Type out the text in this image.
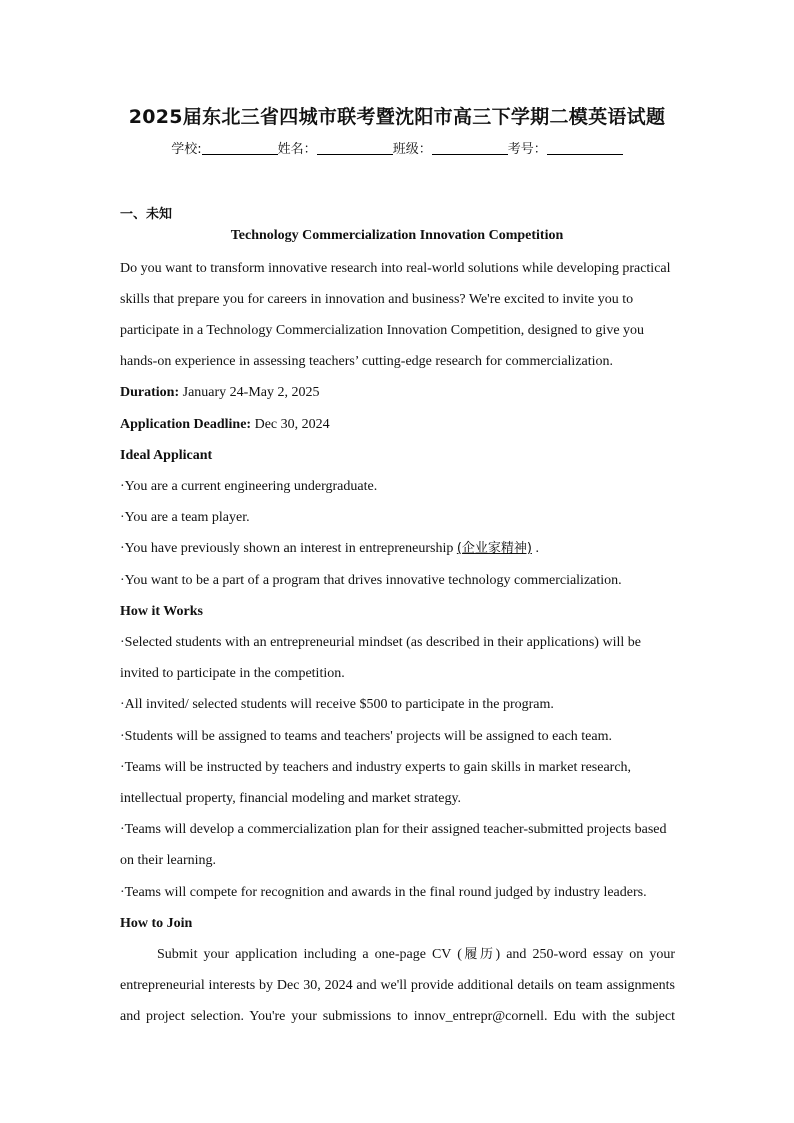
2025届东北三省四城市联考暨沈阳市高三下学期二模英语试题
学校:	姓名：	班级：	考号：
一、未知
Technology Commercialization Innovation Competition
Do you want to transform innovative research into real-world solutions while developing practical
skills that prepare you for careers in innovation and business? We're excited to invite you to
participate in a Technology Commercialization Innovation Competition, designed to give you
hands-on experience in assessing teachers’ cutting-edge research for commercialization.
Duration: January 24-May 2, 2025
Application Deadline: Dec 30, 2024
Ideal Applicant
·You are a current engineering undergraduate.
·You are a team player.
·You have previously shown an interest in entrepreneurship (企业家精神) .
·You want to be a part of a program that drives innovative technology commercialization.
How it Works
·Selected students with an entrepreneurial mindset (as described in their applications) will be
invited to participate in the competition.
·All invited/ selected students will receive $500 to participate in the program.
·Students will be assigned to teams and teachers' projects will be assigned to each team.
·Teams will be instructed by teachers and industry experts to gain skills in market research,
intellectual property, financial modeling and market strategy.
·Teams will develop a commercialization plan for their assigned teacher-submitted projects based
on their learning.
·Teams will compete for recognition and awards in the final round judged by industry leaders.
How to Join
Submit your application including a one-page CV (履历) and 250-word essay on your
entrepreneurial interests by Dec 30, 2024 and we'll provide additional details on team assignments
and project selection. You're your submissions to innov_entrepr@cornell. Edu with the subject
